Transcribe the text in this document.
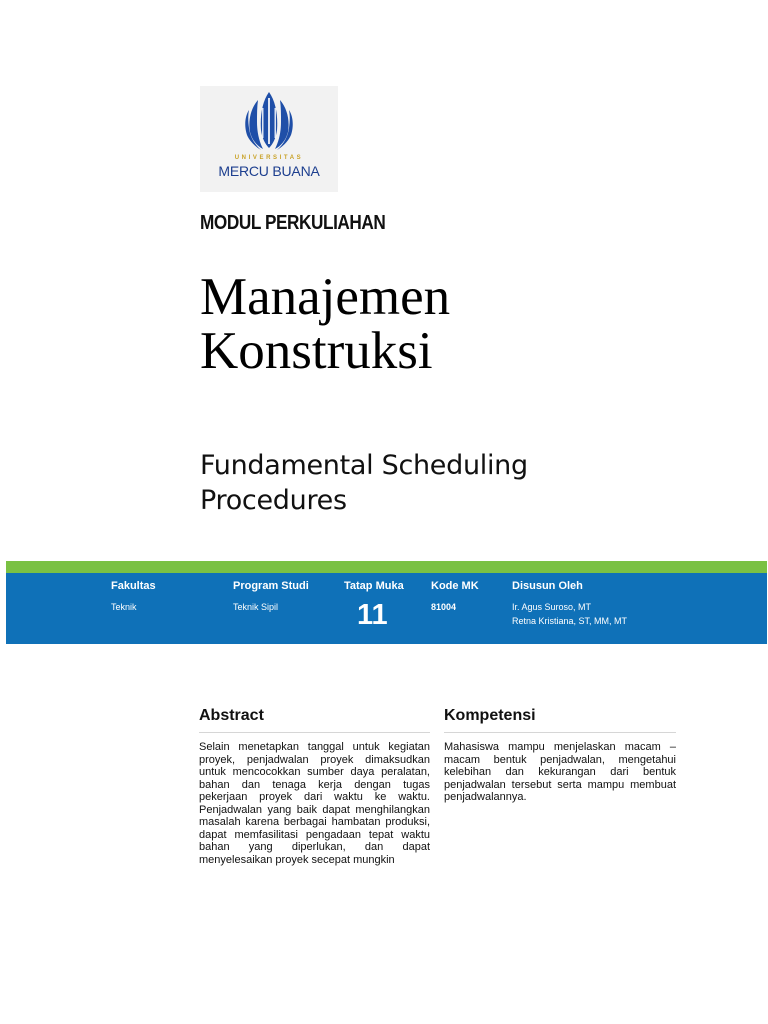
UNIVERSITAS
MERCU BUANA
MODUL PERKULIAHAN
Manajemen
Konstruksi
Fundamental Scheduling
Procedures
Fakultas
Teknik
Program Studi
Teknik Sipil
Tatap Muka
11
Kode MK
81004
Disusun Oleh
Ir. Agus Suroso, MT
Retna Kristiana, ST, MM, MT
Abstract
Selain menetapkan tanggal untuk kegiatan proyek, penjadwalan proyek dimaksudkan untuk mencocokkan sumber daya peralatan, bahan dan tenaga kerja dengan tugas pekerjaan proyek dari waktu ke waktu. Penjadwalan yang baik dapat menghilangkan masalah karena berbagai hambatan produksi, dapat memfasilitasi pengadaan tepat waktu bahan yang diperlukan, dan dapat menyelesaikan proyek secepat mungkin
Kompetensi
Mahasiswa mampu menjelaskan macam –macam bentuk penjadwalan, mengetahui kelebihan dan kekurangan dari bentuk penjadwalan tersebut serta mampu membuat penjadwalannya.
